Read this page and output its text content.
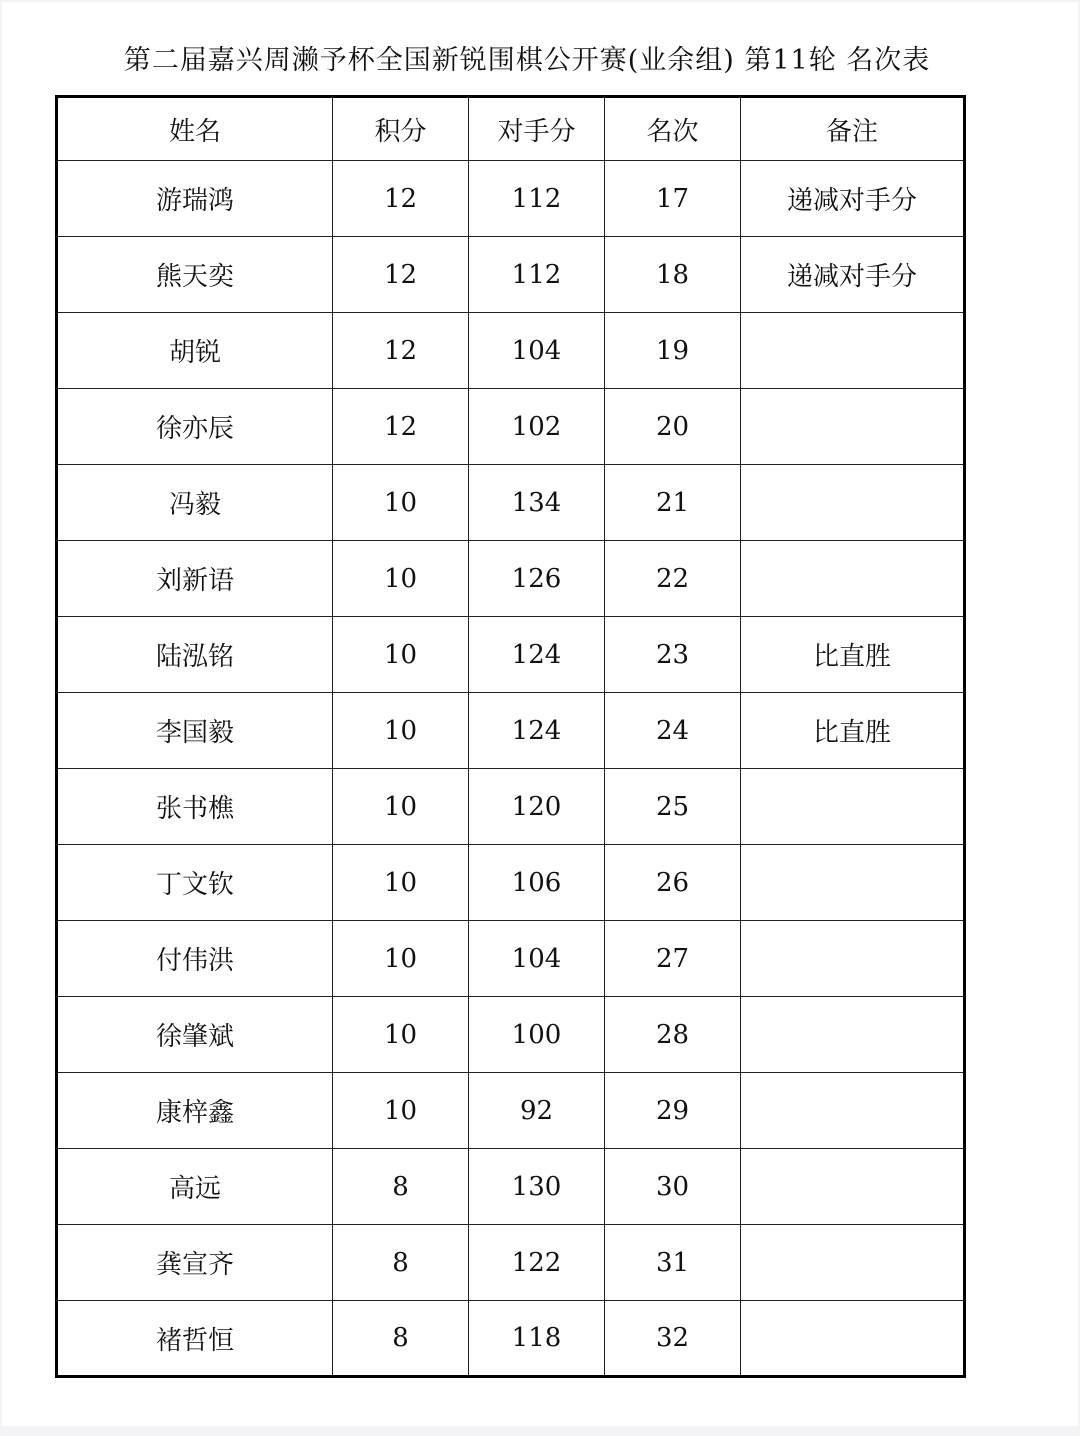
第二届嘉兴周濑予杯全国新锐围棋公开赛(业余组) 第11轮 名次表
姓名	积分	对手分	名次	备注
游瑞鸿	12	112	17	递减对手分
熊天奕	12	112	18	递减对手分
胡锐	12	104	19	
徐亦辰	12	102	20	
冯毅	10	134	21	
刘新语	10	126	22	
陆泓铭	10	124	23	比直胜
李国毅	10	124	24	比直胜
张书樵	10	120	25	
丁文钦	10	106	26	
付伟洪	10	104	27	
徐肇斌	10	100	28	
康梓鑫	10	92	29	
高远	8	130	30	
龚宣齐	8	122	31	
褚哲恒	8	118	32	
